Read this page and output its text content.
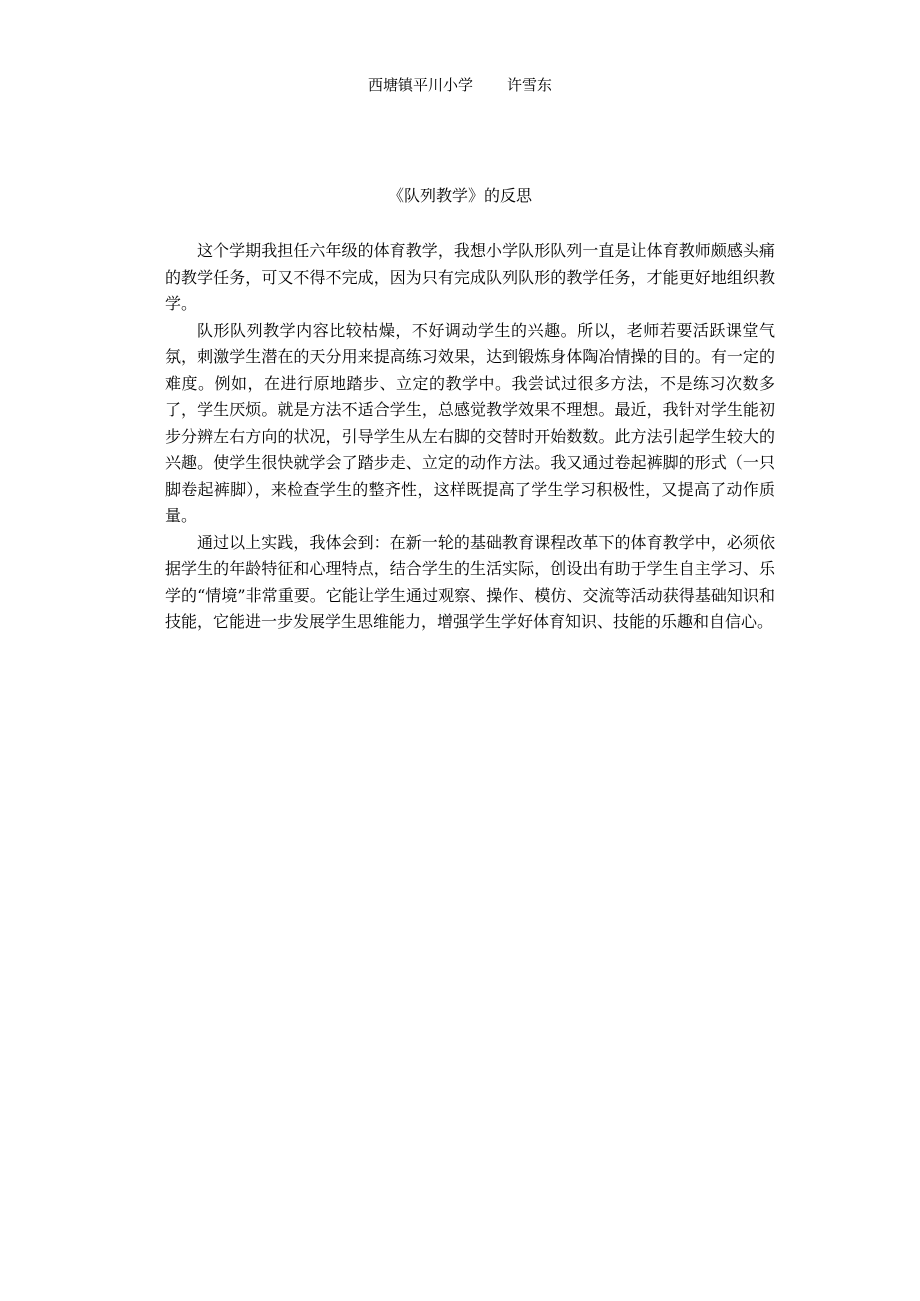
西塘镇平川小学 许雪东
《队列教学》的反思

这个学期我担任六年级的体育教学，我想小学队形队列一直是让体育教师颇感头痛的教学任务，可又不得不完成，因为只有完成队列队形的教学任务，才能更好地组织教学。

队形队列教学内容比较枯燥，不好调动学生的兴趣。所以，老师若要活跃课堂气氛，刺激学生潜在的天分用来提高练习效果，达到锻炼身体陶冶情操的目的。有一定的难度。例如，在进行原地踏步、立定的教学中。我尝试过很多方法，不是练习次数多了，学生厌烦。就是方法不适合学生，总感觉教学效果不理想。最近，我针对学生能初步分辨左右方向的状况，引导学生从左右脚的交替时开始数数。此方法引起学生较大的兴趣。使学生很快就学会了踏步走、立定的动作方法。我又通过卷起裤脚的形式（一只脚卷起裤脚），来检查学生的整齐性，这样既提高了学生学习积极性，又提高了动作质量。

通过以上实践，我体会到：在新一轮的基础教育课程改革下的体育教学中，必须依据学生的年龄特征和心理特点，结合学生的生活实际，创设出有助于学生自主学习、乐学的“情境”非常重要。它能让学生通过观察、操作、模仿、交流等活动获得基础知识和技能，它能进一步发展学生思维能力，增强学生学好体育知识、技能的乐趣和自信心。
